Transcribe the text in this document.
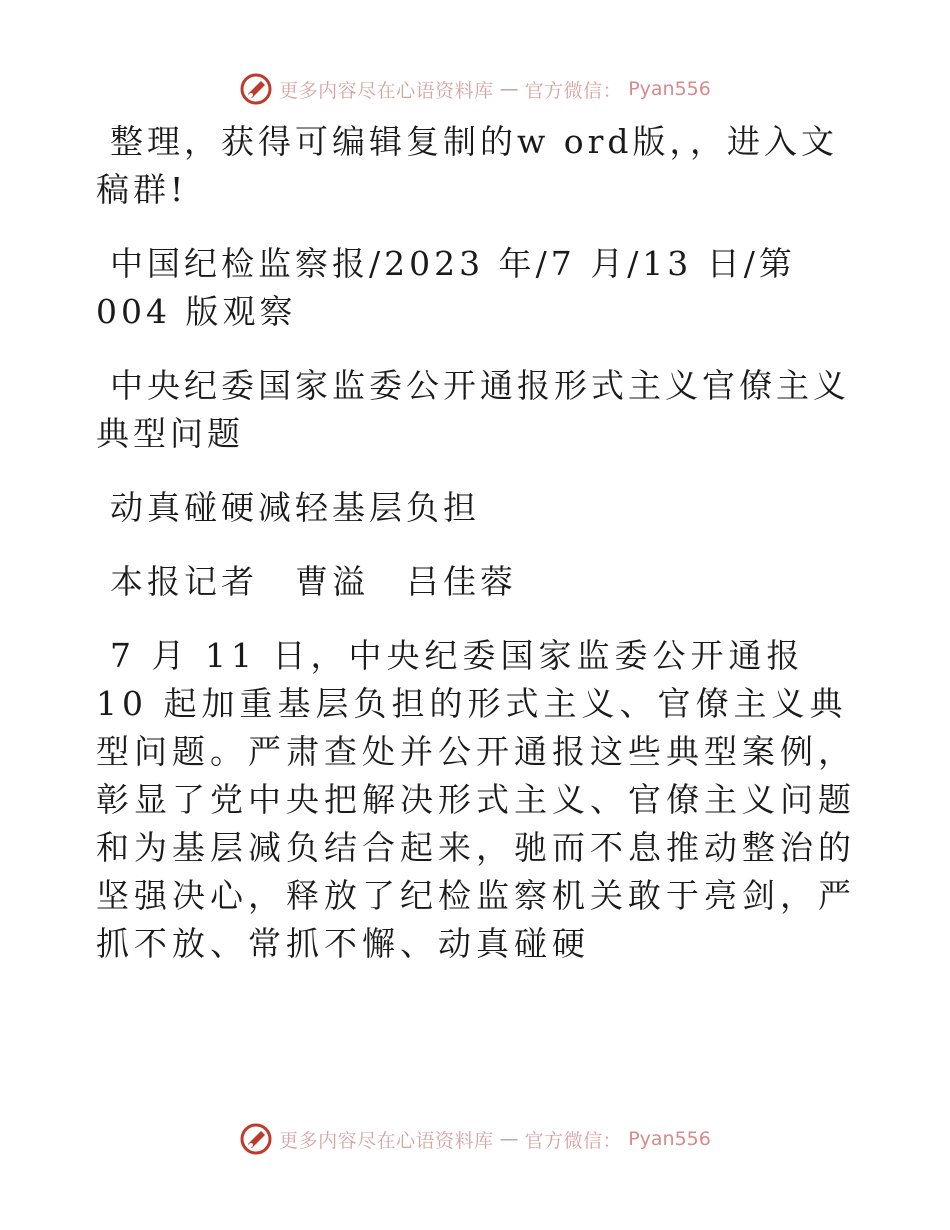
更多内容尽在心语资料库 — 官方微信： Pyan556

整理，获得可编辑复制的w ord版，，进入文稿群!

中国纪检监察报/2023 年/7 月/13 日/第 004 版观察

中央纪委国家监委公开通报形式主义官僚主义典型问题

动真碰硬减轻基层负担

本报记者　曹溢　吕佳蓉

7 月 11 日，中央纪委国家监委公开通报 10 起加重基层负担的形式主义、官僚主义典型问题。严肃查处并公开通报这些典型案例，彰显了党中央把解决形式主义、官僚主义问题和为基层减负结合起来，驰而不息推动整治的坚强决心，释放了纪检监察机关敢于亮剑，严抓不放、常抓不懈、动真碰硬

更多内容尽在心语资料库 — 官方微信： Pyan556
